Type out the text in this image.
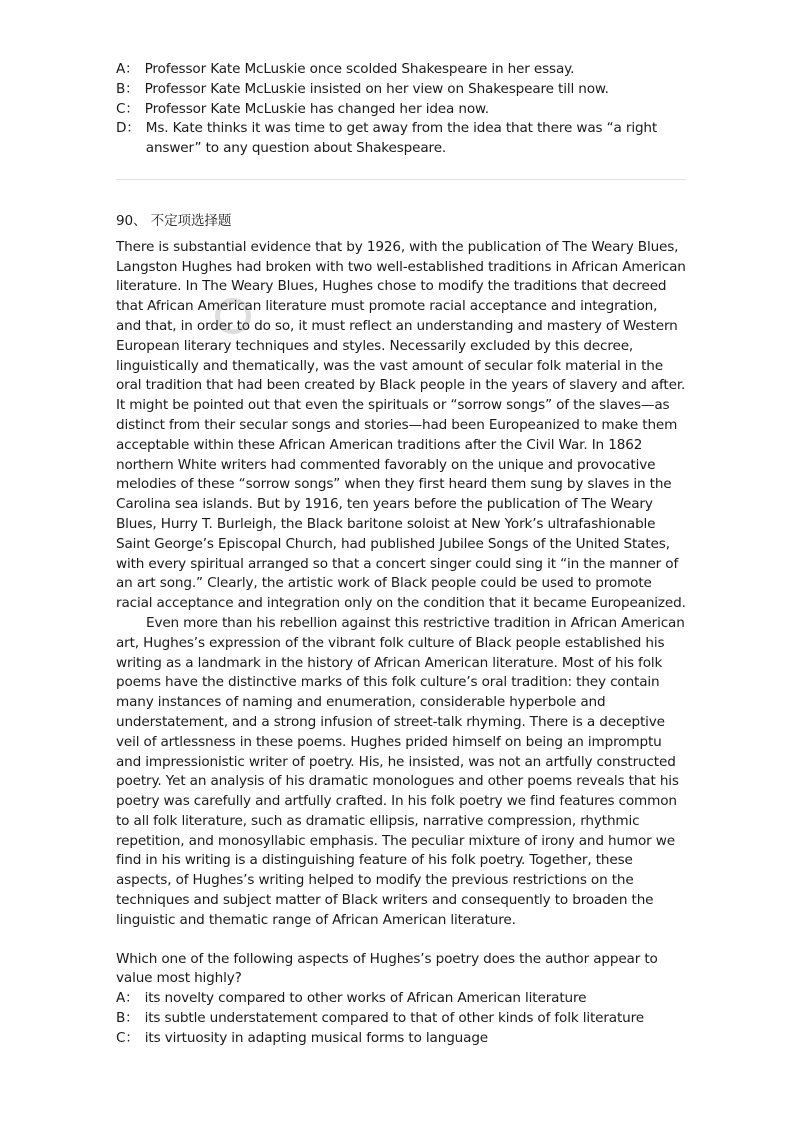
A： Professor Kate McLuskie once scolded Shakespeare in her essay.
B： Professor Kate McLuskie insisted on her view on Shakespeare till now.
C： Professor Kate McLuskie has changed her idea now.
D： Ms. Kate thinks it was time to get away from the idea that there was “a right answer” to any question about Shakespeare.
90、 不定项选择题

There is substantial evidence that by 1926, with the publication of The Weary Blues, Langston Hughes had broken with two well-established traditions in African American literature. In The Weary Blues, Hughes chose to modify the traditions that decreed that African American literature must promote racial acceptance and integration, and that, in order to do so, it must reflect an understanding and mastery of Western European literary techniques and styles. Necessarily excluded by this decree, linguistically and thematically, was the vast amount of secular folk material in the oral tradition that had been created by Black people in the years of slavery and after. It might be pointed out that even the spirituals or “sorrow songs” of the slaves—as distinct from their secular songs and stories—had been Europeanized to make them acceptable within these African American traditions after the Civil War. In 1862 northern White writers had commented favorably on the unique and provocative melodies of these “sorrow songs” when they first heard them sung by slaves in the Carolina sea islands. But by 1916, ten years before the publication of The Weary Blues, Hurry T. Burleigh, the Black baritone soloist at New York’s ultrafashionable Saint George’s Episcopal Church, had published Jubilee Songs of the United States, with every spiritual arranged so that a concert singer could sing it “in the manner of an art song.” Clearly, the artistic work of Black people could be used to promote racial acceptance and integration only on the condition that it became Europeanized.

Even more than his rebellion against this restrictive tradition in African American art, Hughes’s expression of the vibrant folk culture of Black people established his writing as a landmark in the history of African American literature. Most of his folk poems have the distinctive marks of this folk culture’s oral tradition: they contain many instances of naming and enumeration, considerable hyperbole and understatement, and a strong infusion of street-talk rhyming. There is a deceptive veil of artlessness in these poems. Hughes prided himself on being an impromptu and impressionistic writer of poetry. His, he insisted, was not an artfully constructed poetry. Yet an analysis of his dramatic monologues and other poems reveals that his poetry was carefully and artfully crafted. In his folk poetry we find features common to all folk literature, such as dramatic ellipsis, narrative compression, rhythmic repetition, and monosyllabic emphasis. The peculiar mixture of irony and humor we find in his writing is a distinguishing feature of his folk poetry. Together, these aspects, of Hughes’s writing helped to modify the previous restrictions on the techniques and subject matter of Black writers and consequently to broaden the linguistic and thematic range of African American literature.

Which one of the following aspects of Hughes’s poetry does the author appear to value most highly?
A： its novelty compared to other works of African American literature
B： its subtle understatement compared to that of other kinds of folk literature
C： its virtuosity in adapting musical forms to language
